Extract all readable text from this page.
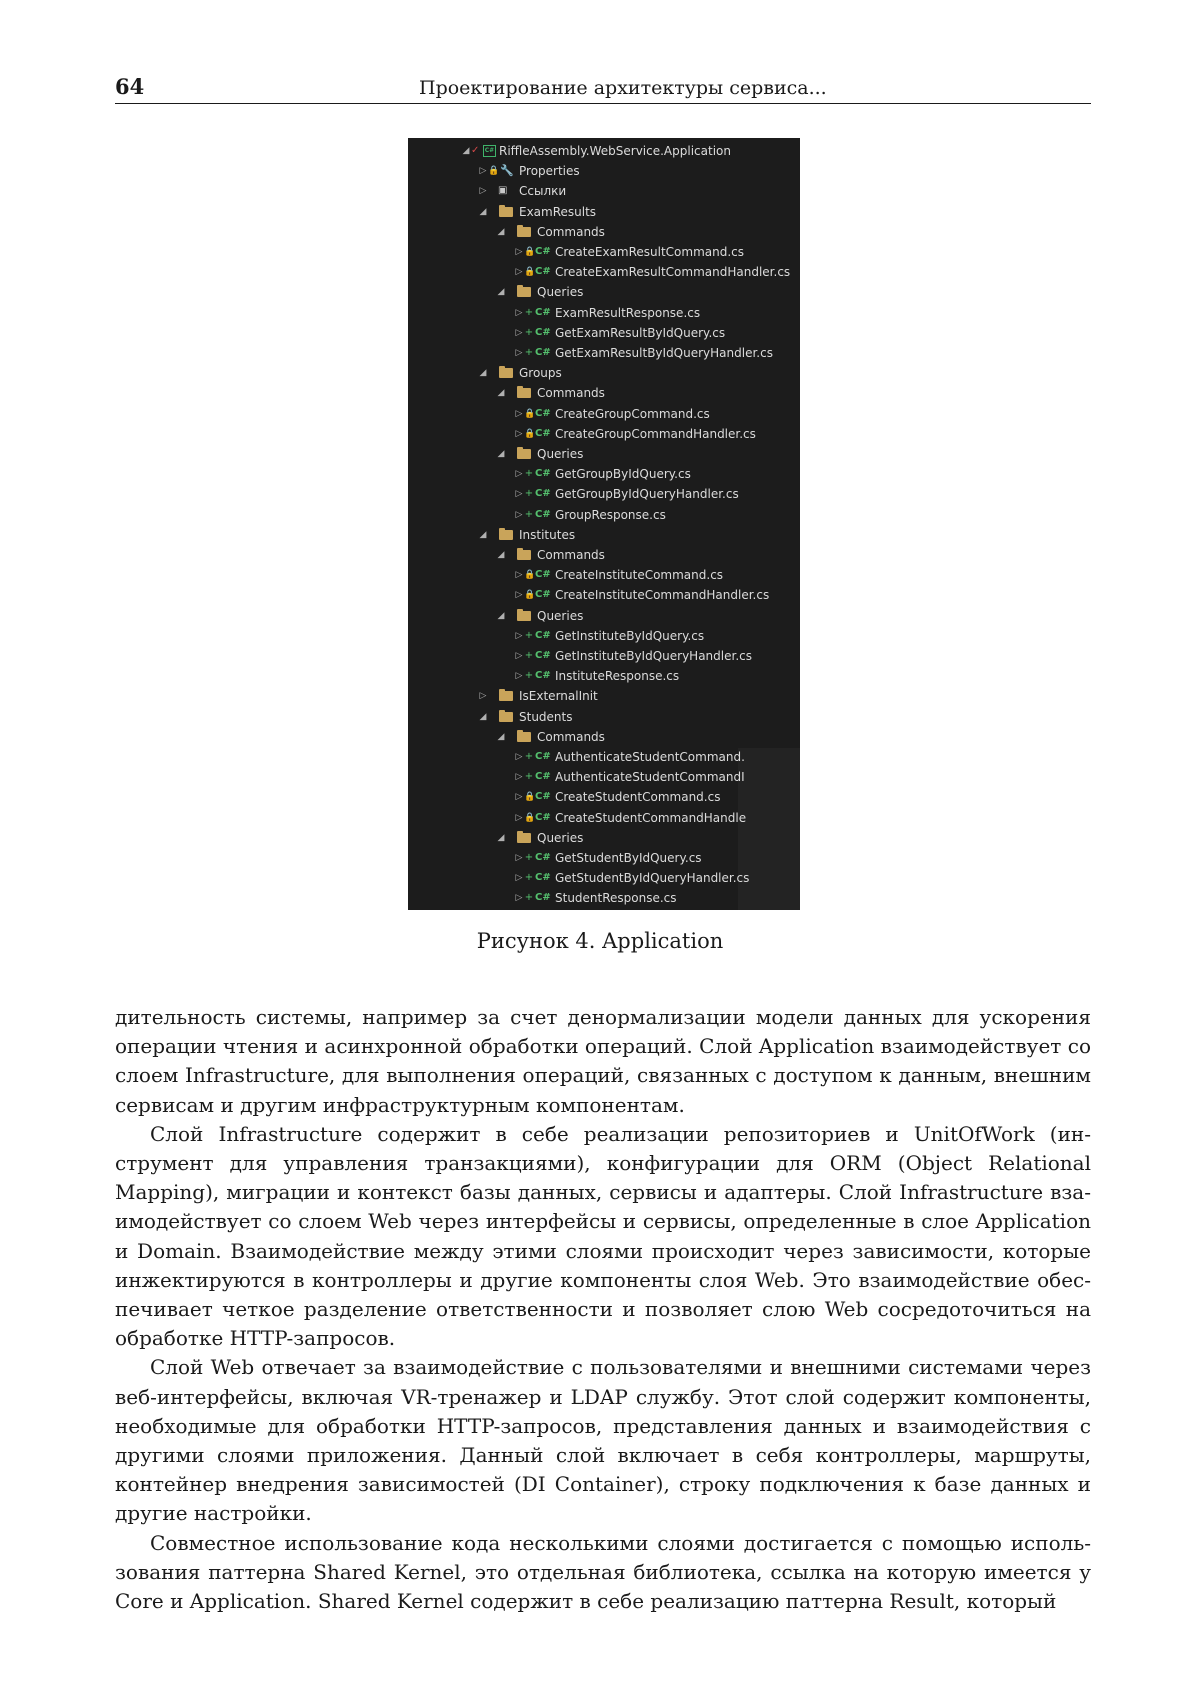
64	Проектирование архитектуры сервиса...
◢ ✓ C# RiffleAssembly.WebService.Application
▷ 🔒 🔧 Properties
▷ ▣ Ссылки
◢	ExamResults
◢	Commands
▷ 🔒 C# CreateExamResultCommand.cs
▷ 🔒 C# CreateExamResultCommandHandler.cs
◢	Queries
▷ + C# ExamResultResponse.cs
▷ + C# GetExamResultByIdQuery.cs
▷ + C# GetExamResultByIdQueryHandler.cs
◢	Groups
◢	Commands
▷ 🔒 C# CreateGroupCommand.cs
▷ 🔒 C# CreateGroupCommandHandler.cs
◢	Queries
▷ + C# GetGroupByIdQuery.cs
▷ + C# GetGroupByIdQueryHandler.cs
▷ + C# GroupResponse.cs
◢	Institutes
◢	Commands
▷ 🔒 C# CreateInstituteCommand.cs
▷ 🔒 C# CreateInstituteCommandHandler.cs
◢	Queries
▷ + C# GetInstituteByIdQuery.cs
▷ + C# GetInstituteByIdQueryHandler.cs
▷ + C# InstituteResponse.cs
▷	IsExternalInit
◢	Students
◢	Commands
▷ + C# AuthenticateStudentCommand.
▷ + C# AuthenticateStudentCommandI
▷ 🔒 C# CreateStudentCommand.cs
▷ 🔒 C# CreateStudentCommandHandle
◢	Queries
▷ + C# GetStudentByIdQuery.cs
▷ + C# GetStudentByIdQueryHandler.cs
▷ + C# StudentResponse.cs
Рисунок 4. Application

дительность системы, например за счет денормализации модели данных для ускорения операции чтения и асинхронной обработки операций. Слой Application взаимодействует со слоем Infrastructure, для выполнения операций, связанных с доступом к данным, внешним сервисам и другим инфраструктурным компонентам.

Слой Infrastructure содержит в себе реализации репозиториев и UnitOfWork (инструмент для управления транзакциями), конфигурации для ORM (Object Relational Mapping), миграции и контекст базы данных, сервисы и адаптеры. Слой Infrastructure взаимодействует со слоем Web через интерфейсы и сервисы, определенные в слое Application и Domain. Взаимодействие между этими слоями происходит через зависимости, которые инжектируются в контроллеры и другие компоненты слоя Web. Это взаимодействие обеспечивает четкое разделение ответственности и позволяет слою Web сосредоточиться на обработке HTTP-запросов.

Слой Web отвечает за взаимодействие с пользователями и внешними системами через веб-интерфейсы, включая VR-тренажер и LDAP службу. Этот слой содержит компоненты, необходимые для обработки HTTP-запросов, представления данных и взаимодействия с другими слоями приложения. Данный слой включает в себя контроллеры, маршруты, контейнер внедрения зависимостей (DI Container), строку подключения к базе данных и другие настройки.

Совместное использование кода несколькими слоями достигается с помощью использования паттерна Shared Kernel, это отдельная библиотека, ссылка на которую имеется у Core и Application. Shared Kernel содержит в себе реализацию паттерна Result, который
